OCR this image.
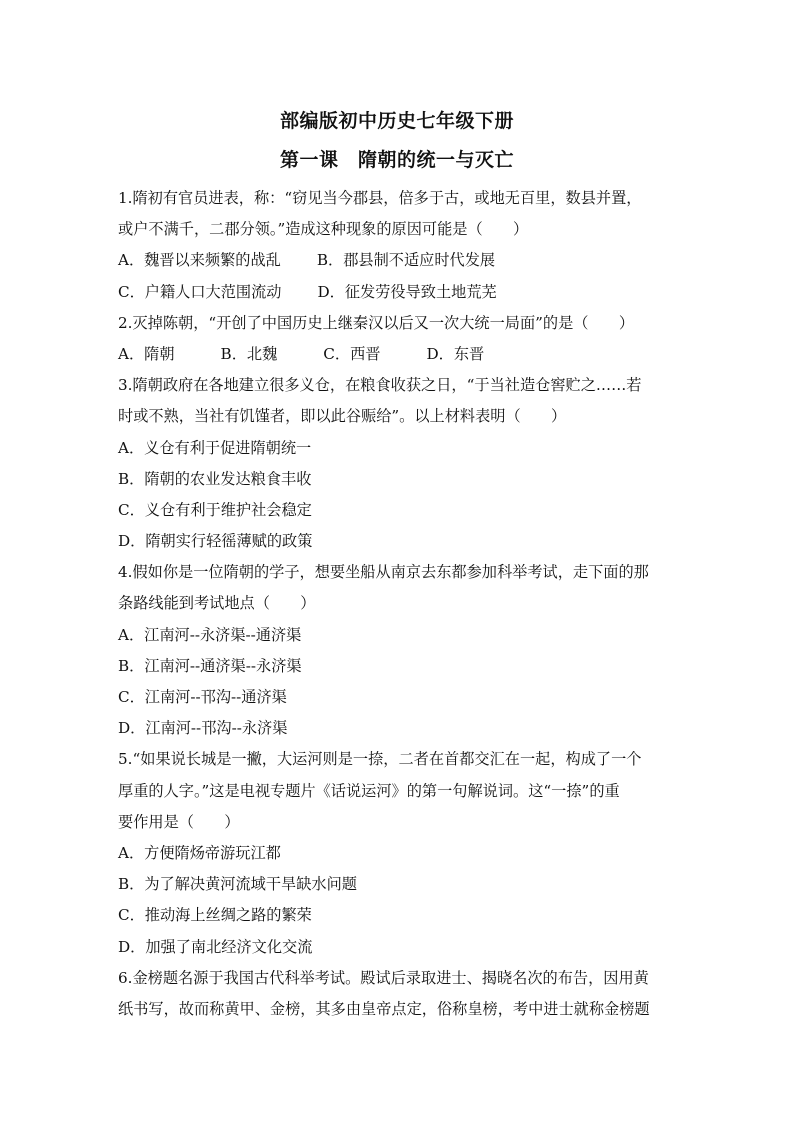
部编版初中历史七年级下册
第一课　隋朝的统一与灭亡
1.隋初有官员进表，称：“窃见当今郡县，倍多于古，或地无百里，数县并置，
或户不满千，二郡分领。”造成这种现象的原因可能是（　　）
A．魏晋以来频繁的战乱 B．郡县制不适应时代发展
C．户籍人口大范围流动 D．征发劳役导致土地荒芜
2.灭掉陈朝，“开创了中国历史上继秦汉以后又一次大统一局面”的是（　　）
A．隋朝	B．北魏	C．西晋	D．东晋
3.隋朝政府在各地建立很多义仓，在粮食收获之日，“于当社造仓窖贮之……若
时或不熟，当社有饥馑者，即以此谷赈给”。以上材料表明（　　）
A．义仓有利于促进隋朝统一
B．隋朝的农业发达粮食丰收
C．义仓有利于维护社会稳定
D．隋朝实行轻徭薄赋的政策
4.假如你是一位隋朝的学子，想要坐船从南京去东都参加科举考试，走下面的那
条路线能到考试地点（　　）
A．江南河--永济渠--通济渠
B．江南河--通济渠--永济渠
C．江南河--邗沟--通济渠
D．江南河--邗沟--永济渠
5.“如果说长城是一撇，大运河则是一捺，二者在首都交汇在一起，构成了一个
厚重的人字。”这是电视专题片《话说运河》的第一句解说词。这“一捺”的重
要作用是（　　）
A．方便隋炀帝游玩江都
B．为了解决黄河流域干旱缺水问题
C．推动海上丝绸之路的繁荣
D．加强了南北经济文化交流
6.金榜题名源于我国古代科举考试。殿试后录取进士、揭晓名次的布告，因用黄
纸书写，故而称黄甲、金榜，其多由皇帝点定，俗称皇榜，考中进士就称金榜题
